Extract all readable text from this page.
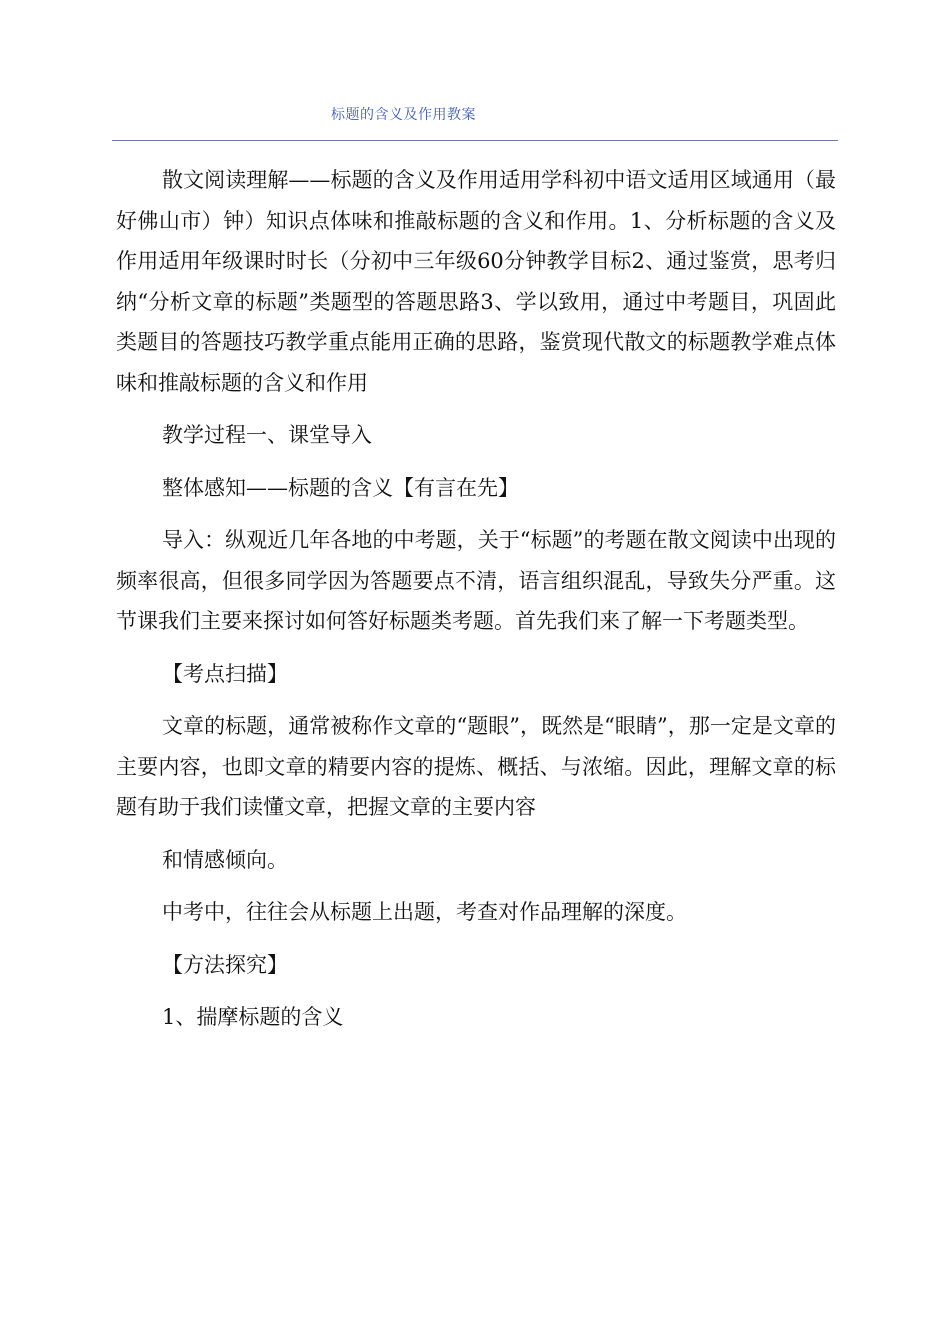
标题的含义及作用教案

散文阅读理解——标题的含义及作用适用学科初中语文适用区域通用（最好佛山市）钟）知识点体味和推敲标题的含义和作用。1、分析标题的含义及作用适用年级课时时长（分初中三年级60分钟教学目标2、通过鉴赏，思考归纳“分析文章的标题”类题型的答题思路3、学以致用，通过中考题目，巩固此类题目的答题技巧教学重点能用正确的思路，鉴赏现代散文的标题教学难点体味和推敲标题的含义和作用

教学过程一、课堂导入

整体感知——标题的含义【有言在先】

导入：纵观近几年各地的中考题，关于“标题”的考题在散文阅读中出现的频率很高，但很多同学因为答题要点不清，语言组织混乱，导致失分严重。这节课我们主要来探讨如何答好标题类考题。首先我们来了解一下考题类型。

【考点扫描】

文章的标题，通常被称作文章的“题眼”，既然是“眼睛”，那一定是文章的主要内容，也即文章的精要内容的提炼、概括、与浓缩。因此，理解文章的标题有助于我们读懂文章，把握文章的主要内容

和情感倾向。

中考中，往往会从标题上出题，考查对作品理解的深度。

【方法探究】

1、揣摩标题的含义
